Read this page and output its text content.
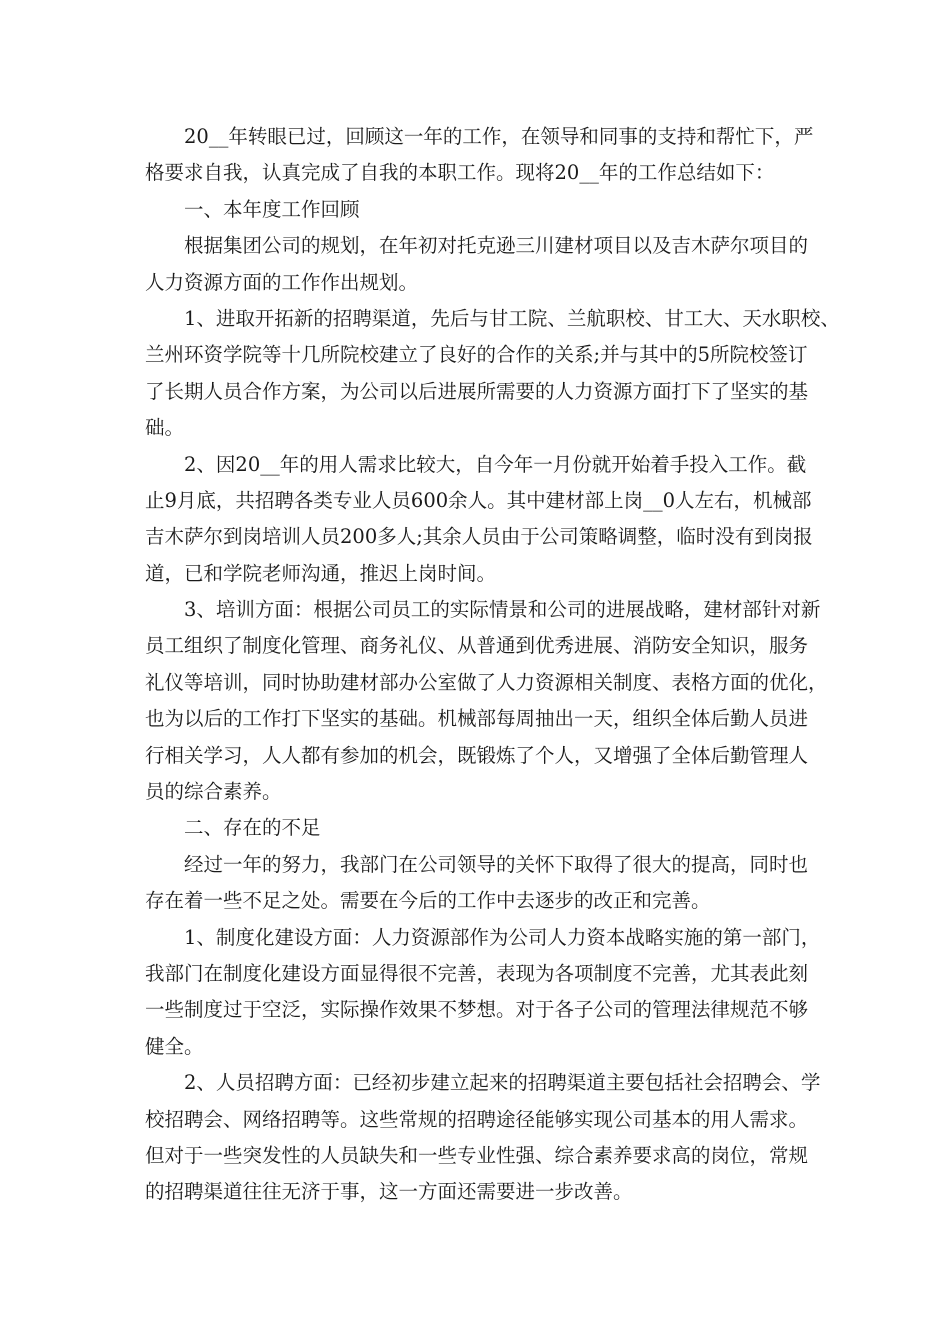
20__年转眼已过，回顾这一年的工作，在领导和同事的支持和帮忙下，严
格要求自我，认真完成了自我的本职工作。现将20__年的工作总结如下：
一、本年度工作回顾
根据集团公司的规划，在年初对托克逊三川建材项目以及吉木萨尔项目的
人力资源方面的工作作出规划。
1、进取开拓新的招聘渠道，先后与甘工院、兰航职校、甘工大、天水职校、
兰州环资学院等十几所院校建立了良好的合作的关系;并与其中的5所院校签订
了长期人员合作方案，为公司以后进展所需要的人力资源方面打下了坚实的基
础。
2、因20__年的用人需求比较大，自今年一月份就开始着手投入工作。截
止9月底，共招聘各类专业人员600余人。其中建材部上岗__0人左右，机械部
吉木萨尔到岗培训人员200多人;其余人员由于公司策略调整，临时没有到岗报
道，已和学院老师沟通，推迟上岗时间。
3、培训方面：根据公司员工的实际情景和公司的进展战略，建材部针对新
员工组织了制度化管理、商务礼仪、从普通到优秀进展、消防安全知识，服务
礼仪等培训，同时协助建材部办公室做了人力资源相关制度、表格方面的优化，
也为以后的工作打下坚实的基础。机械部每周抽出一天，组织全体后勤人员进
行相关学习，人人都有参加的机会，既锻炼了个人，又增强了全体后勤管理人
员的综合素养。
二、存在的不足
经过一年的努力，我部门在公司领导的关怀下取得了很大的提高，同时也
存在着一些不足之处。需要在今后的工作中去逐步的改正和完善。
1、制度化建设方面：人力资源部作为公司人力资本战略实施的第一部门，
我部门在制度化建设方面显得很不完善，表现为各项制度不完善，尤其表此刻
一些制度过于空泛，实际操作效果不梦想。对于各子公司的管理法律规范不够
健全。
2、人员招聘方面：已经初步建立起来的招聘渠道主要包括社会招聘会、学
校招聘会、网络招聘等。这些常规的招聘途径能够实现公司基本的用人需求。
但对于一些突发性的人员缺失和一些专业性强、综合素养要求高的岗位，常规
的招聘渠道往往无济于事，这一方面还需要进一步改善。
